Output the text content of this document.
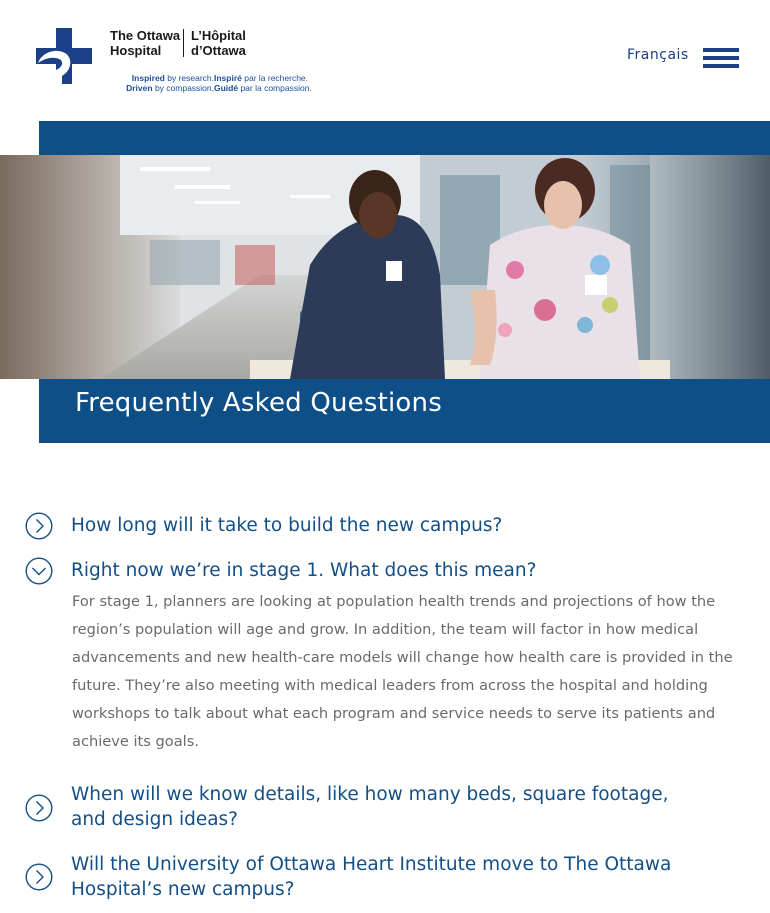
The Ottawa
Hospital
L’Hôpital
d’Ottawa
Inspired by research.
Driven by compassion.
Inspiré par la recherche.
Guidé par la compassion.
Français
Frequently Asked Questions
How long will it take to build the new campus?
Right now we’re in stage 1. What does this mean?
For stage 1, planners are looking at population health trends and projections of how the
region’s population will age and grow. In addition, the team will factor in how medical
advancements and new health-care models will change how health care is provided in the
future. They’re also meeting with medical leaders from across the hospital and holding
workshops to talk about what each program and service needs to serve its patients and
achieve its goals.
When will we know details, like how many beds, square footage,
and design ideas?
Will the University of Ottawa Heart Institute move to The Ottawa
Hospital’s new campus?
